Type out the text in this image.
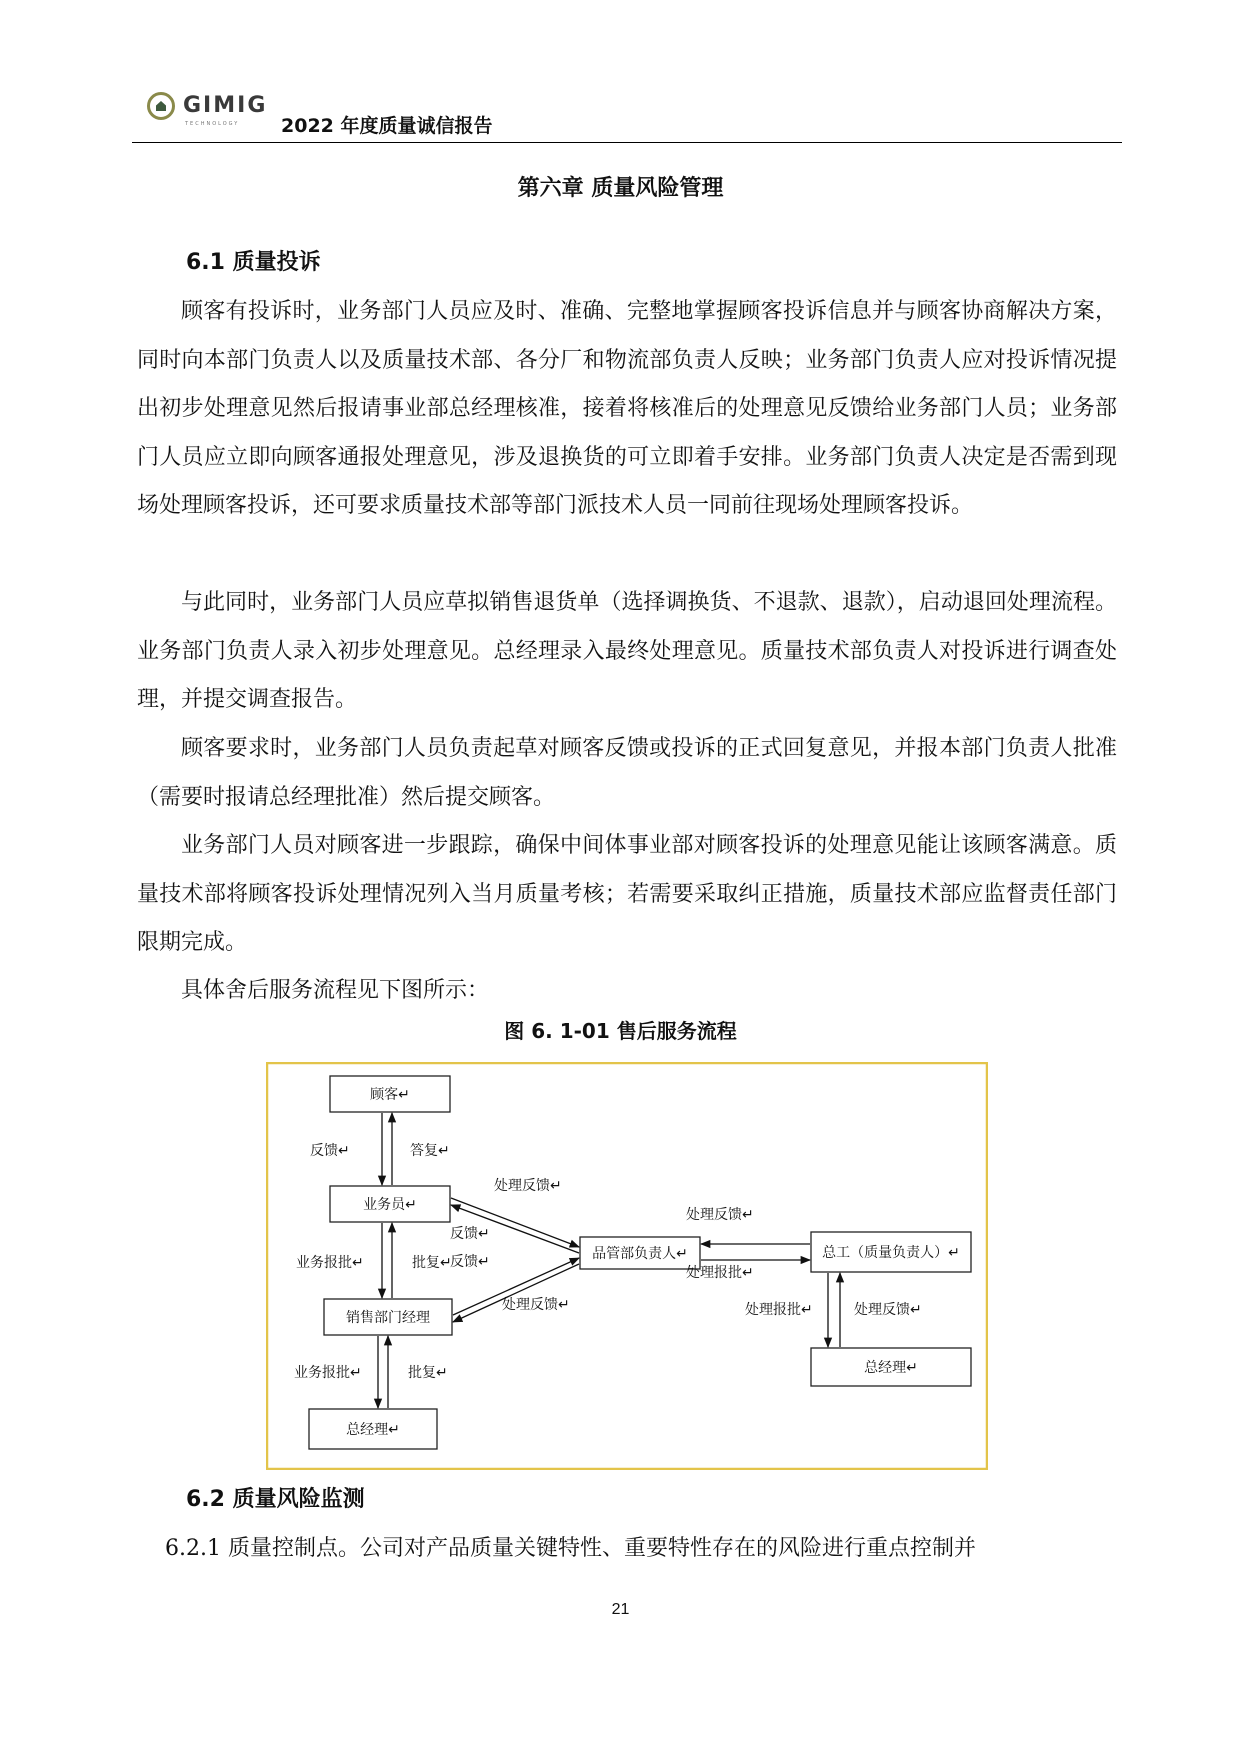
GIMIG
TECHNOLOGY 2022 年度质量诚信报告
第六章 质量风险管理
6.1 质量投诉

顾客有投诉时，业务部门人员应及时、准确、完整地掌握顾客投诉信息并与顾客协商解决方案，同时向本部门负责人以及质量技术部、各分厂和物流部负责人反映；业务部门负责人应对投诉情况提出初步处理意见然后报请事业部总经理核准，接着将核准后的处理意见反馈给业务部门人员；业务部门人员应立即向顾客通报处理意见，涉及退换货的可立即着手安排。业务部门负责人决定是否需到现场处理顾客投诉，还可要求质量技术部等部门派技术人员一同前往现场处理顾客投诉。

与此同时，业务部门人员应草拟销售退货单（选择调换货、不退款、退款），启动退回处理流程。业务部门负责人录入初步处理意见。总经理录入最终处理意见。质量技术部负责人对投诉进行调查处理，并提交调查报告。

顾客要求时，业务部门人员负责起草对顾客反馈或投诉的正式回复意见，并报本部门负责人批准（需要时报请总经理批准）然后提交顾客。

业务部门人员对顾客进一步跟踪，确保中间体事业部对顾客投诉的处理意见能让该顾客满意。质量技术部将顾客投诉处理情况列入当月质量考核；若需要采取纠正措施，质量技术部应监督责任部门限期完成。

具体舍后服务流程见下图所示：

图 6. 1-01 售后服务流程
顾客↵
业务员↵
销售部门经理
总经理↵
品管部负责人↵	总工（质量负责人）↵
总经理↵
反馈↵	答复↵
业务报批↵	批复↵
业务报批↵	批复↵
处理反馈↵
反馈↵
反馈↵
处理反馈↵
处理反馈↵
处理报批↵
处理报批↵	处理反馈↵
6.2 质量风险监测
6.2.1 质量控制点。公司对产品质量关键特性、重要特性存在的风险进行重点控制并
21
